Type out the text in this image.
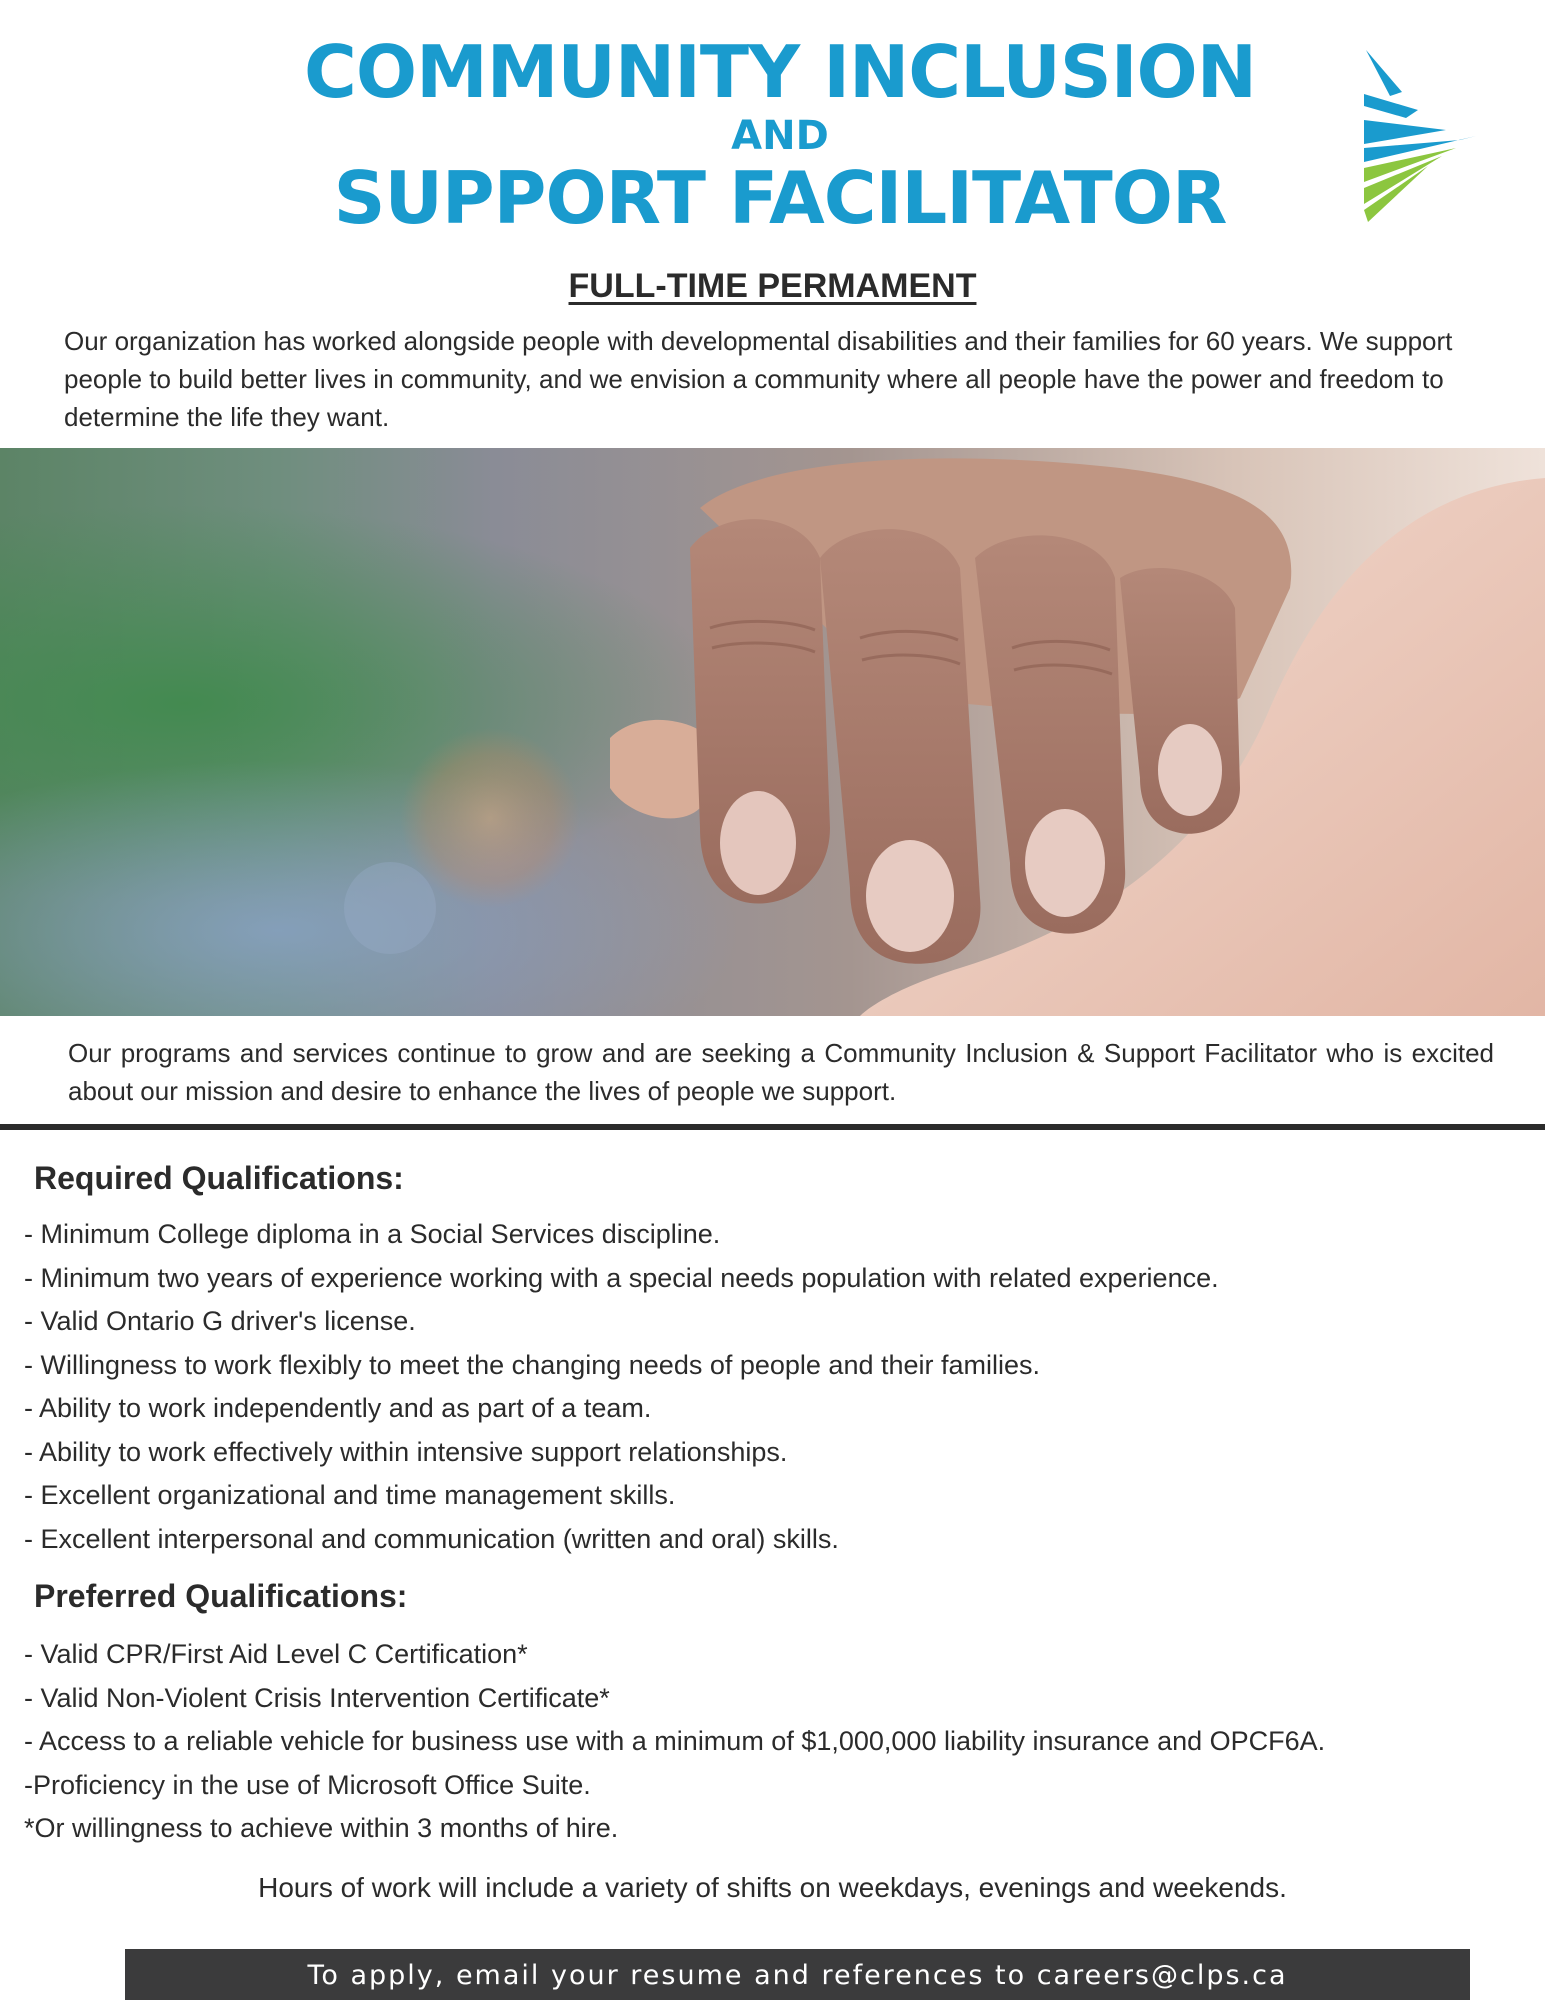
COMMUNITY INCLUSION
AND
SUPPORT FACILITATOR
FULL-TIME PERMAMENT
Our organization has worked alongside people with developmental disabilities and their families for 60 years. We support people to build better lives in community, and we envision a community where all people have the power and freedom to determine the life they want.
Our programs and services continue to grow and are seeking a Community Inclusion & Support Facilitator who is excited about our mission and desire to enhance the lives of people we support.
Required Qualifications:
- Minimum College diploma in a Social Services discipline.
- Minimum two years of experience working with a special needs population with related experience.
- Valid Ontario G driver's license.
- Willingness to work flexibly to meet the changing needs of people and their families.
- Ability to work independently and as part of a team.
- Ability to work effectively within intensive support relationships.
- Excellent organizational and time management skills.
- Excellent interpersonal and communication (written and oral) skills.
Preferred Qualifications:
- Valid CPR/First Aid Level C Certification*
- Valid Non-Violent Crisis Intervention Certificate*
- Access to a reliable vehicle for business use with a minimum of $1,000,000 liability insurance and OPCF6A.
-Proficiency in the use of Microsoft Office Suite.
*Or willingness to achieve within 3 months of hire.
Hours of work will include a variety of shifts on weekdays, evenings and weekends.
To apply, email your resume and references to careers@clps.ca
